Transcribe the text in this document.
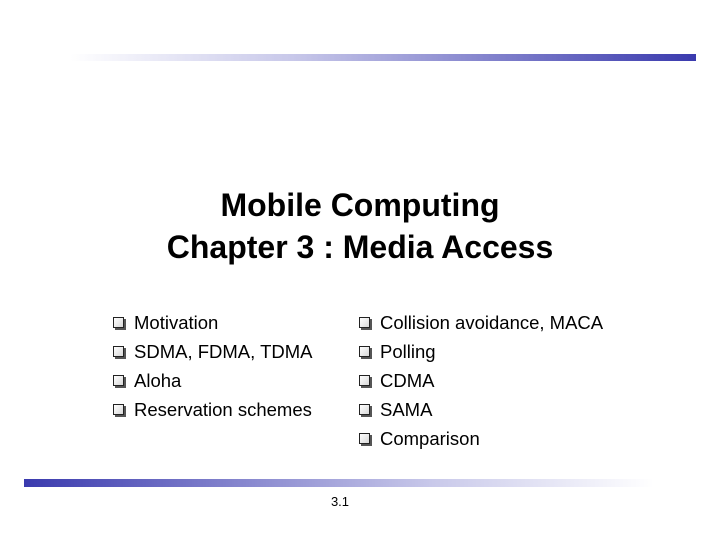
Mobile Computing
Chapter 3 : Media Access
Motivation
SDMA, FDMA, TDMA
Aloha
Reservation schemes
Collision avoidance, MACA
Polling
CDMA
SAMA
Comparison
3.1
